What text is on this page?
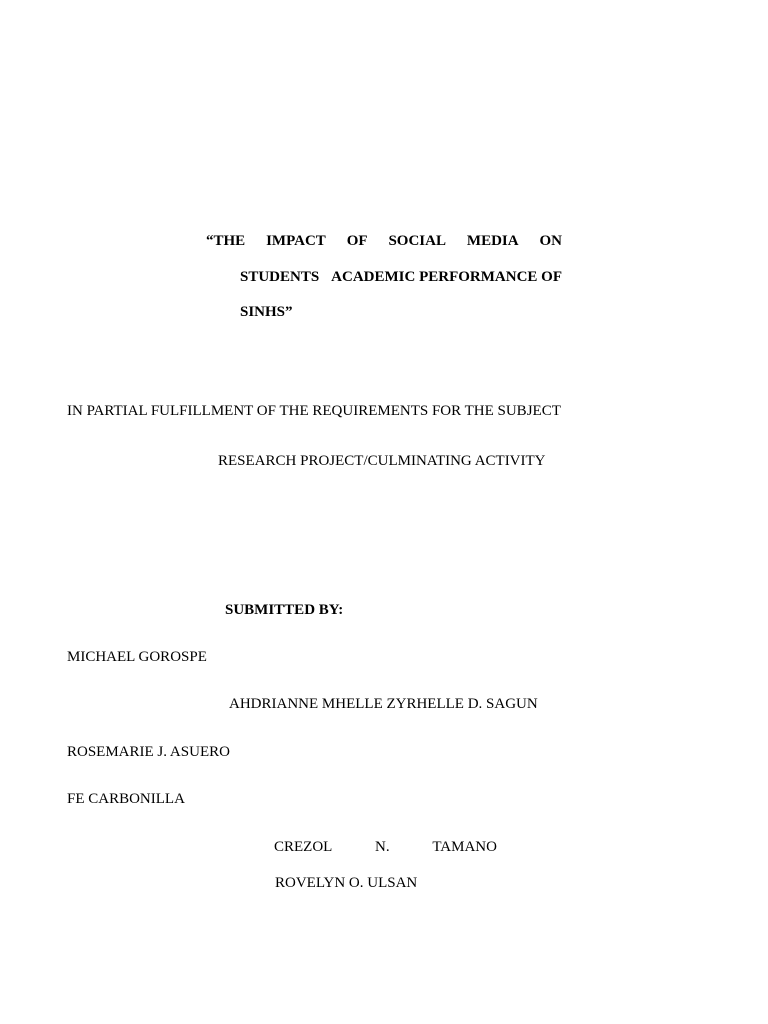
“THE IMPACT OF SOCIAL MEDIA ON
STUDENTS ACADEMIC PERFORMANCE OF
SINHS”
IN PARTIAL FULFILLMENT OF THE REQUIREMENTS FOR THE SUBJECT
RESEARCH PROJECT/CULMINATING ACTIVITY
SUBMITTED BY:
MICHAEL GOROSPE
AHDRIANNE MHELLE ZYRHELLE D. SAGUN
ROSEMARIE J. ASUERO
FE CARBONILLA
CREZOL	N.	TAMANO
ROVELYN O. ULSAN
